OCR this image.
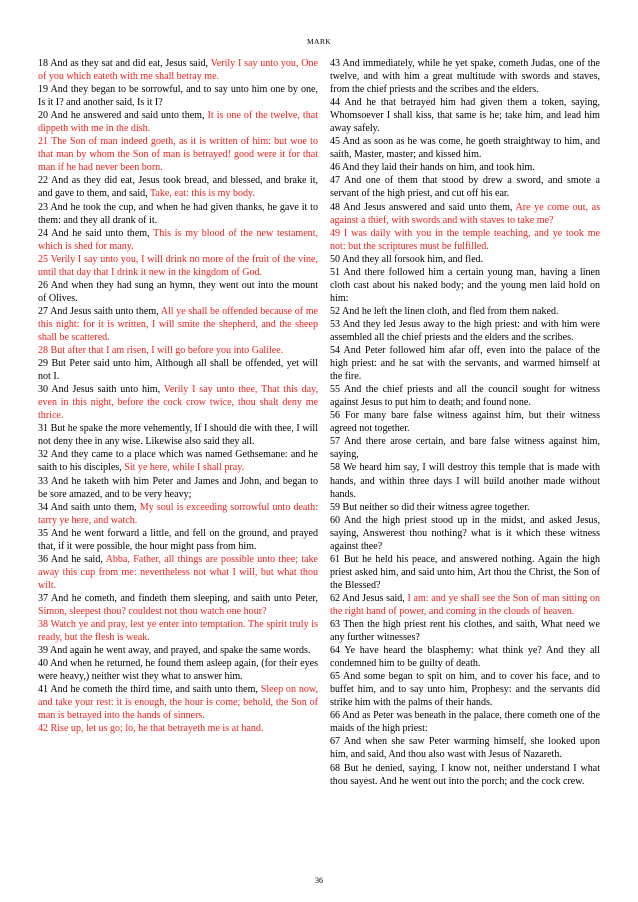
MARK

18 And as they sat and did eat, Jesus said, Verily I say unto you, One of you which eateth with me shall betray me.

19 And they began to be sorrowful, and to say unto him one by one, Is it I? and another said, Is it I?

20 And he answered and said unto them, It is one of the twelve, that dippeth with me in the dish.

21 The Son of man indeed goeth, as it is written of him: but woe to that man by whom the Son of man is betrayed! good were it for that man if he had never been born.

22 And as they did eat, Jesus took bread, and blessed, and brake it, and gave to them, and said, Take, eat: this is my body.

23 And he took the cup, and when he had given thanks, he gave it to them: and they all drank of it.

24 And he said unto them, This is my blood of the new testament, which is shed for many.

25 Verily I say unto you, I will drink no more of the fruit of the vine, until that day that I drink it new in the kingdom of God.

26 And when they had sung an hymn, they went out into the mount of Olives.

27 And Jesus saith unto them, All ye shall be offended because of me this night: for it is written, I will smite the shepherd, and the sheep shall be scattered.

28 But after that I am risen, I will go before you into Galilee.

29 But Peter said unto him, Although all shall be offended, yet will not I.

30 And Jesus saith unto him, Verily I say unto thee, That this day, even in this night, before the cock crow twice, thou shalt deny me thrice.

31 But he spake the more vehemently, If I should die with thee, I will not deny thee in any wise. Likewise also said they all.

32 And they came to a place which was named Gethsemane: and he saith to his disciples, Sit ye here, while I shall pray.

33 And he taketh with him Peter and James and John, and began to be sore amazed, and to be very heavy;

34 And saith unto them, My soul is exceeding sorrowful unto death: tarry ye here, and watch.

35 And he went forward a little, and fell on the ground, and prayed that, if it were possible, the hour might pass from him.

36 And he said, Abba, Father, all things are possible unto thee; take away this cup from me: nevertheless not what I will, but what thou wilt.

37 And he cometh, and findeth them sleeping, and saith unto Peter, Simon, sleepest thou? couldest not thou watch one hour?

38 Watch ye and pray, lest ye enter into temptation. The spirit truly is ready, but the flesh is weak.

39 And again he went away, and prayed, and spake the same words.

40 And when he returned, he found them asleep again, (for their eyes were heavy,) neither wist they what to answer him.

41 And he cometh the third time, and saith unto them, Sleep on now, and take your rest: it is enough, the hour is come; behold, the Son of man is betrayed into the hands of sinners.

42 Rise up, let us go; lo, he that betrayeth me is at hand.

43 And immediately, while he yet spake, cometh Judas, one of the twelve, and with him a great multitude with swords and staves, from the chief priests and the scribes and the elders.

44 And he that betrayed him had given them a token, saying, Whomsoever I shall kiss, that same is he; take him, and lead him away safely.

45 And as soon as he was come, he goeth straightway to him, and saith, Master, master; and kissed him.

46 And they laid their hands on him, and took him.

47 And one of them that stood by drew a sword, and smote a servant of the high priest, and cut off his ear.

48 And Jesus answered and said unto them, Are ye come out, as against a thief, with swords and with staves to take me?

49 I was daily with you in the temple teaching, and ye took me not: but the scriptures must be fulfilled.

50 And they all forsook him, and fled.

51 And there followed him a certain young man, having a linen cloth cast about his naked body; and the young men laid hold on him:

52 And he left the linen cloth, and fled from them naked.

53 And they led Jesus away to the high priest: and with him were assembled all the chief priests and the elders and the scribes.

54 And Peter followed him afar off, even into the palace of the high priest: and he sat with the servants, and warmed himself at the fire.

55 And the chief priests and all the council sought for witness against Jesus to put him to death; and found none.

56 For many bare false witness against him, but their witness agreed not together.

57 And there arose certain, and bare false witness against him, saying,

58 We heard him say, I will destroy this temple that is made with hands, and within three days I will build another made without hands.

59 But neither so did their witness agree together.

60 And the high priest stood up in the midst, and asked Jesus, saying, Answerest thou nothing? what is it which these witness against thee?

61 But he held his peace, and answered nothing. Again the high priest asked him, and said unto him, Art thou the Christ, the Son of the Blessed?

62 And Jesus said, I am: and ye shall see the Son of man sitting on the right hand of power, and coming in the clouds of heaven.

63 Then the high priest rent his clothes, and saith, What need we any further witnesses?

64 Ye have heard the blasphemy: what think ye? And they all condemned him to be guilty of death.

65 And some began to spit on him, and to cover his face, and to buffet him, and to say unto him, Prophesy: and the servants did strike him with the palms of their hands.

66 And as Peter was beneath in the palace, there cometh one of the maids of the high priest:

67 And when she saw Peter warming himself, she looked upon him, and said, And thou also wast with Jesus of Nazareth.

68 But he denied, saying, I know not, neither understand I what thou sayest. And he went out into the porch; and the cock crew.

36
